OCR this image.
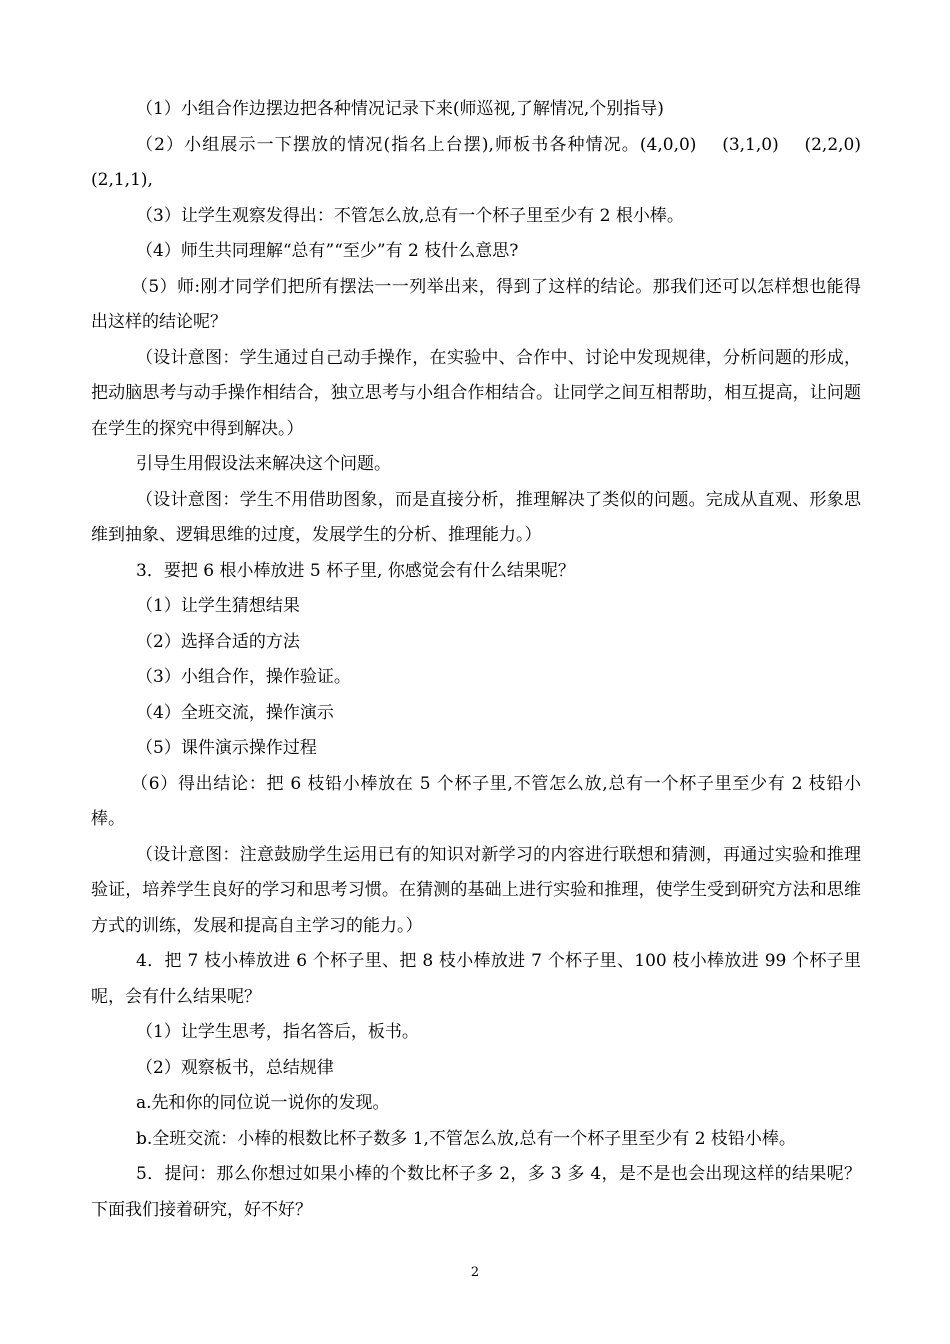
（1）小组合作边摆边把各种情况记录下来(师巡视,了解情况,个别指导)

（2）小组展示一下摆放的情况(指名上台摆),师板书各种情况。(4,0,0)　 (3,1,0)　 (2,2,0)　(2,1,1),

（3）让学生观察发得出：不管怎么放,总有一个杯子里至少有 2 根小棒。

（4）师生共同理解“总有”“至少”有 2 枝什么意思?

（5）师:刚才同学们把所有摆法一一列举出来，得到了这样的结论。那我们还可以怎样想也能得出这样的结论呢？

（设计意图：学生通过自己动手操作，在实验中、合作中、讨论中发现规律，分析问题的形成，把动脑思考与动手操作相结合，独立思考与小组合作相结合。让同学之间互相帮助，相互提高，让问题在学生的探究中得到解决。）

引导生用假设法来解决这个问题。

（设计意图：学生不用借助图象，而是直接分析，推理解决了类似的问题。完成从直观、形象思维到抽象、逻辑思维的过度，发展学生的分析、推理能力。）

3．要把 6 根小棒放进 5 杯子里, 你感觉会有什么结果呢？

（1）让学生猜想结果

（2）选择合适的方法

（3）小组合作，操作验证。

（4）全班交流，操作演示

（5）课件演示操作过程

（6）得出结论：把 6 枝铅小棒放在 5 个杯子里,不管怎么放,总有一个杯子里至少有 2 枝铅小棒。

（设计意图：注意鼓励学生运用已有的知识对新学习的内容进行联想和猜测，再通过实验和推理验证，培养学生良好的学习和思考习惯。在猜测的基础上进行实验和推理，使学生受到研究方法和思维方式的训练，发展和提高自主学习的能力。）

4．把 7 枝小棒放进 6 个杯子里、把 8 枝小棒放进 7 个杯子里、100 枝小棒放进 99 个杯子里呢，会有什么结果呢？

（1）让学生思考，指名答后，板书。

（2）观察板书，总结规律

a.先和你的同位说一说你的发现。

b.全班交流：小棒的根数比杯子数多 1,不管怎么放,总有一个杯子里至少有 2 枝铅小棒。

5．提问：那么你想过如果小棒的个数比杯子多 2，多 3 多 4，是不是也会出现这样的结果呢？下面我们接着研究，好不好？

2
